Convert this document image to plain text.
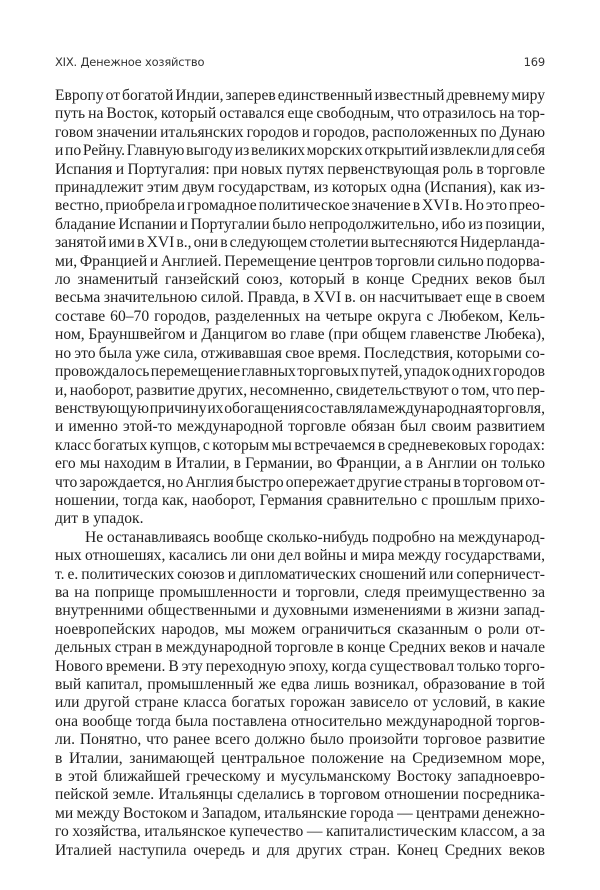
XIX. Денежное хозяйство	169
Европу от богатой Индии, заперев единственный известный древнему миру
путь на Восток, который оставался еще свободным, что отразилось на тор-
говом значении итальянских городов и городов, расположенных по Дунаю
и по Рейну. Главную выгоду из великих морских открытий извлекли для себя
Испания и Португалия: при новых путях первенствующая роль в торговле
принадлежит этим двум государствам, из которых одна (Испания), как из-
вестно, приобрела и громадное политическое значение в XVI в. Но это прео-
бладание Испании и Португалии было непродолжительно, ибо из позиции,
занятой ими в XVI в., они в следующем столетии вытесняются Нидерланда-
ми, Францией и Англией. Перемещение центров торговли сильно подорва-
ло знаменитый ганзейский союз, который в конце Средних веков был
весьма значительною силой. Правда, в XVI в. он насчитывает еще в своем
составе 60–70 городов, разделенных на четыре округа с Любеком, Кель-
ном, Брауншвейгом и Данцигом во главе (при общем главенстве Любека),
но это была уже сила, отживавшая свое время. Последствия, которыми со-
провождалось перемещение главных торговых путей, упадок одних городов
и, наоборот, развитие других, несомненно, свидетельствуют о том, что пер-
венствующую причину их обогащения составляла международная торговля,
и именно этой-то международной торговле обязан был своим развитием
класс богатых купцов, с которым мы встречаемся в средневековых городах:
его мы находим в Италии, в Германии, во Франции, а в Англии он только
что зарождается, но Англия быстро опережает другие страны в торговом от-
ношении, тогда как, наоборот, Германия сравнительно с прошлым прихо-
дит в упадок.
Не останавливаясь вообще сколько-нибудь подробно на международ-
ных отношешях, касались ли они дел войны и мира между государствами,
т. е. политических союзов и дипломатических сношений или соперничест-
ва на поприще промышленности и торговли, следя преимущественно за
внутренними общественными и духовными изменениями в жизни запад-
ноевропейских народов, мы можем ограничиться сказанным о роли от-
дельных стран в международной торговле в конце Средних веков и начале
Нового времени. В эту переходную эпоху, когда существовал только торго-
вый капитал, промышленный же едва лишь возникал, образование в той
или другой стране класса богатых горожан зависело от условий, в какие
она вообще тогда была поставлена относительно международной торгов-
ли. Понятно, что ранее всего должно было произойти торговое развитие
в Италии, занимающей центральное положение на Средиземном море,
в этой ближайшей греческому и мусульманскому Востоку западноевро-
пейской земле. Итальянцы сделались в торговом отношении посредника-
ми между Востоком и Западом, итальянские города — центрами денежно-
го хозяйства, итальянское купечество — капиталистическим классом, а за
Италией наступила очередь и для других стран. Конец Средних веков
